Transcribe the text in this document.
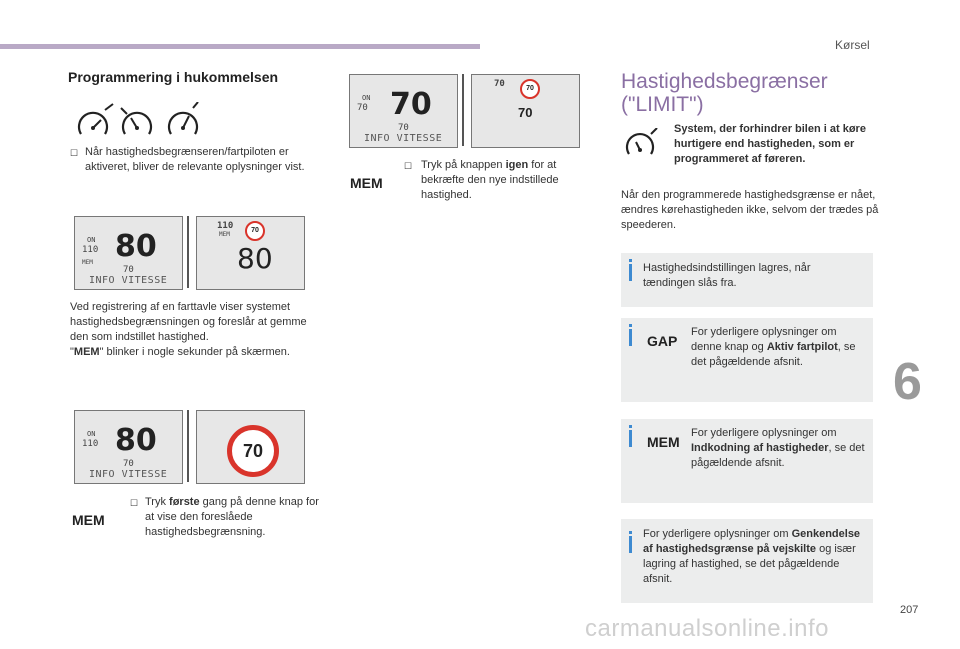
Kørsel
6
207
Programmering i hukommelsen
☐ Når hastighedsbegrænseren/fartpiloten er aktiveret, bliver de relevante oplysninger vist.
ON
110
MEM 80
70
INFO VITESSE
110
MEM
70
80
Ved registrering af en farttavle viser systemet hastighedsbegrænsningen og foreslår at gemme den som indstillet hastighed.
"MEM" blinker i nogle sekunder på skærmen.
ON
110 80
70
INFO VITESSE
70
MEM
☐ Tryk første gang på denne knap for at vise den foreslåede hastighedsbegrænsning.
ON
70 70
70
INFO VITESSE
70	70
70
MEM
☐ Tryk på knappen igen for at bekræfte den nye indstillede hastighed.
Hastighedsbegrænser ("LIMIT")
System, der forhindrer bilen i at køre hurtigere end hastigheden, som er programmeret af føreren.
Når den programmerede hastighedsgrænse er nået, ændres kørehastigheden ikke, selvom der trædes på speederen.
Hastighedsindstillingen lagres, når tændingen slås fra.
GAP
For yderligere oplysninger om denne knap og Aktiv fartpilot, se det pågældende afsnit.
MEM
For yderligere oplysninger om Indkodning af hastigheder, se det pågældende afsnit.
For yderligere oplysninger om Genkendelse af hastighedsgrænse på vejskilte og især lagring af hastighed, se det pågældende afsnit.
carmanualsonline.info
